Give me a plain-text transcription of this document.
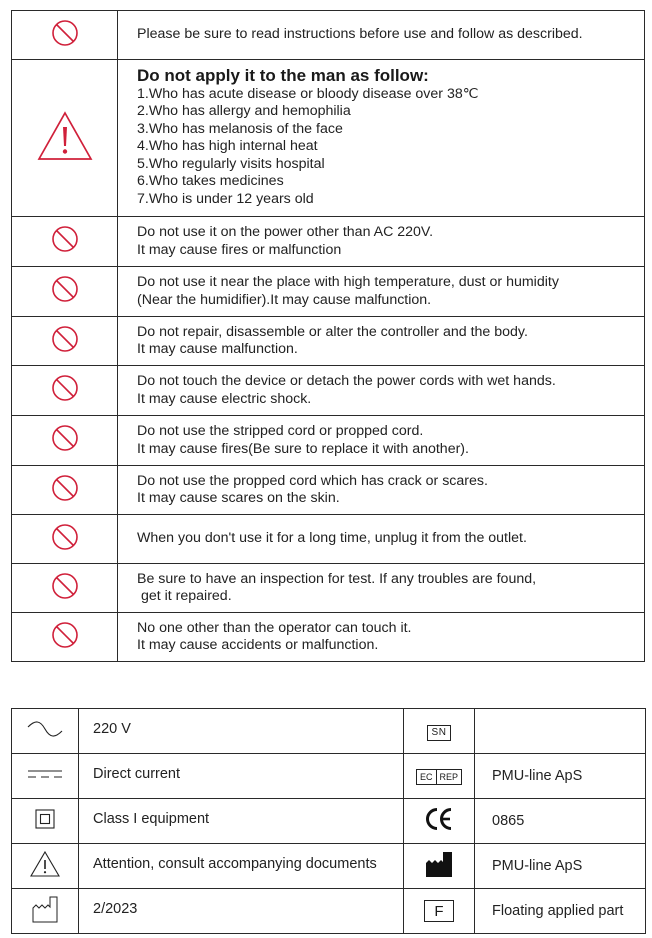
Please be sure to read instructions before use and follow as described.

Do not apply it to the man as follow:
1.Who has acute disease or bloody disease over 38℃
2.Who has allergy and hemophilia
3.Who has melanosis of the face
4.Who has high internal heat
5.Who regularly visits hospital
6.Who takes medicines
7.Who is under 12 years old

Do not use it on the power other than AC 220V.
It may cause fires or malfunction

Do not use it near the place with high temperature, dust or humidity
(Near the humidifier).It may cause malfunction.

Do not repair, disassemble or alter the controller and the body.
It may cause malfunction.

Do not touch the device or detach the power cords with wet hands.
It may cause electric shock.

Do not use the stripped cord or propped cord.
It may cause fires(Be sure to replace it with another).

Do not use the propped cord which has crack or scares.
It may cause scares on the skin.

When you don't use it for a long time, unplug it from the outlet.

Be sure to have an inspection for test. If any troubles are found,
get it repaired.

No one other than the operator can touch it.
It may cause accidents or malfunction.
	220 V	SN	
	Direct current	EC REP	PMU-line ApS
	Class I equipment		0865
	Attention, consult accompanying documents		PMU-line ApS
	2/2023	F	Floating applied part
